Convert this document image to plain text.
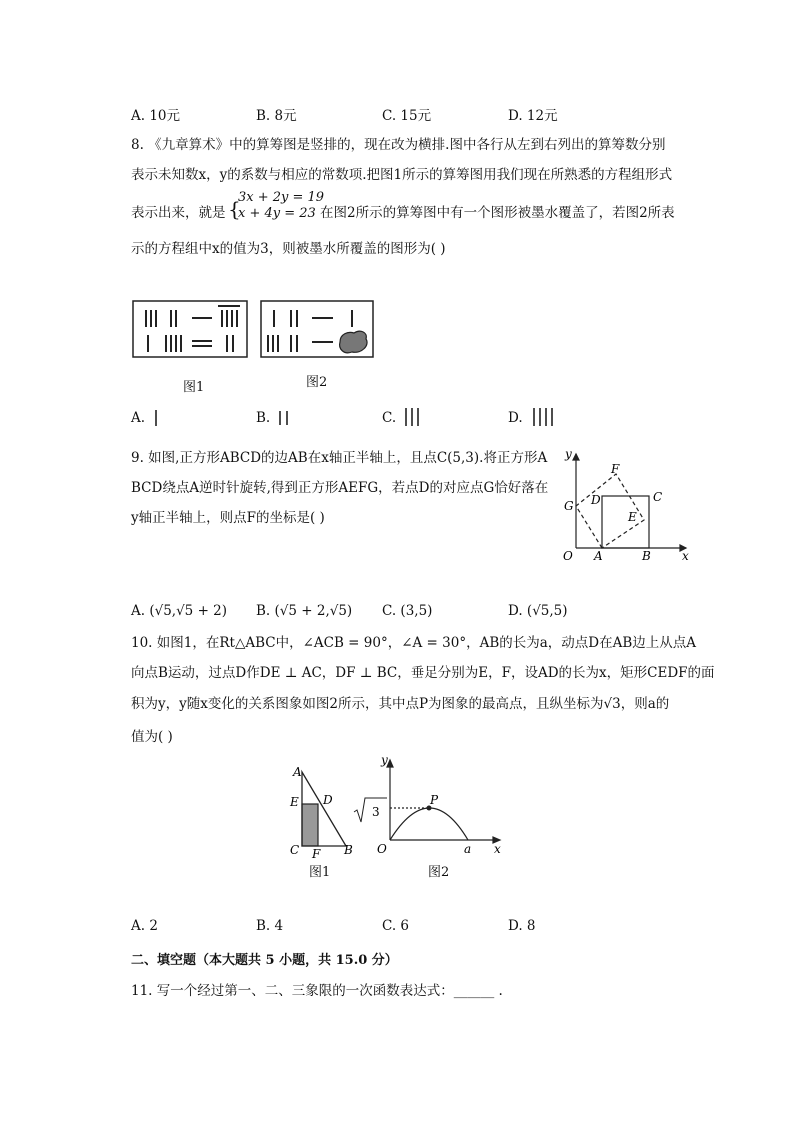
A. 10元	B. 8元	C. 15元	D. 12元
8. 《九章算术》中的算筹图是竖排的，现在改为横排.图中各行从左到右列出的算筹数分别
表示未知数x，y的系数与相应的常数项.把图1所示的算筹图用我们现在所熟悉的方程组形式
表示出来，就是 {
3x + 2y = 19
x + 4y = 23 在图2所示的算筹图中有一个图形被墨水覆盖了，若图2所表
示的方程组中x的值为3，则被墨水所覆盖的图形为( )
图1	图2
A.	B.	C.	D.
9. 如图,正方形ABCD的边AB在x轴正半轴上，且点C(5,3).将正方形A
BCD绕点A逆时针旋转,得到正方形AEFG，若点D的对应点G恰好落在
y轴正半轴上，则点F的坐标是( )
y
x
O A	B
C
D
E
F
G
A. (√5,√5 + 2) B. (√5 + 2,√5) C. (3,5)	D. (√5,5)
10. 如图1，在Rt△ABC中，∠ACB = 90°，∠A = 30°，AB的长为a，动点D在AB边上从点A
向点B运动，过点D作DE ⊥ AC，DF ⊥ BC，垂足分别为E，F，设AD的长为x，矩形CEDF的面
积为y，y随x变化的关系图象如图2所示，其中点P为图象的最高点，且纵坐标为√3，则a的
值为( )
A
E D
C F B
图1
y
x
O
P
a
3
图2
A. 2	B. 4	C. 6	D. 8
二、填空题（本大题共 5 小题，共 15.0 分）
11. 写一个经过第一、二、三象限的一次函数表达式：______ .
